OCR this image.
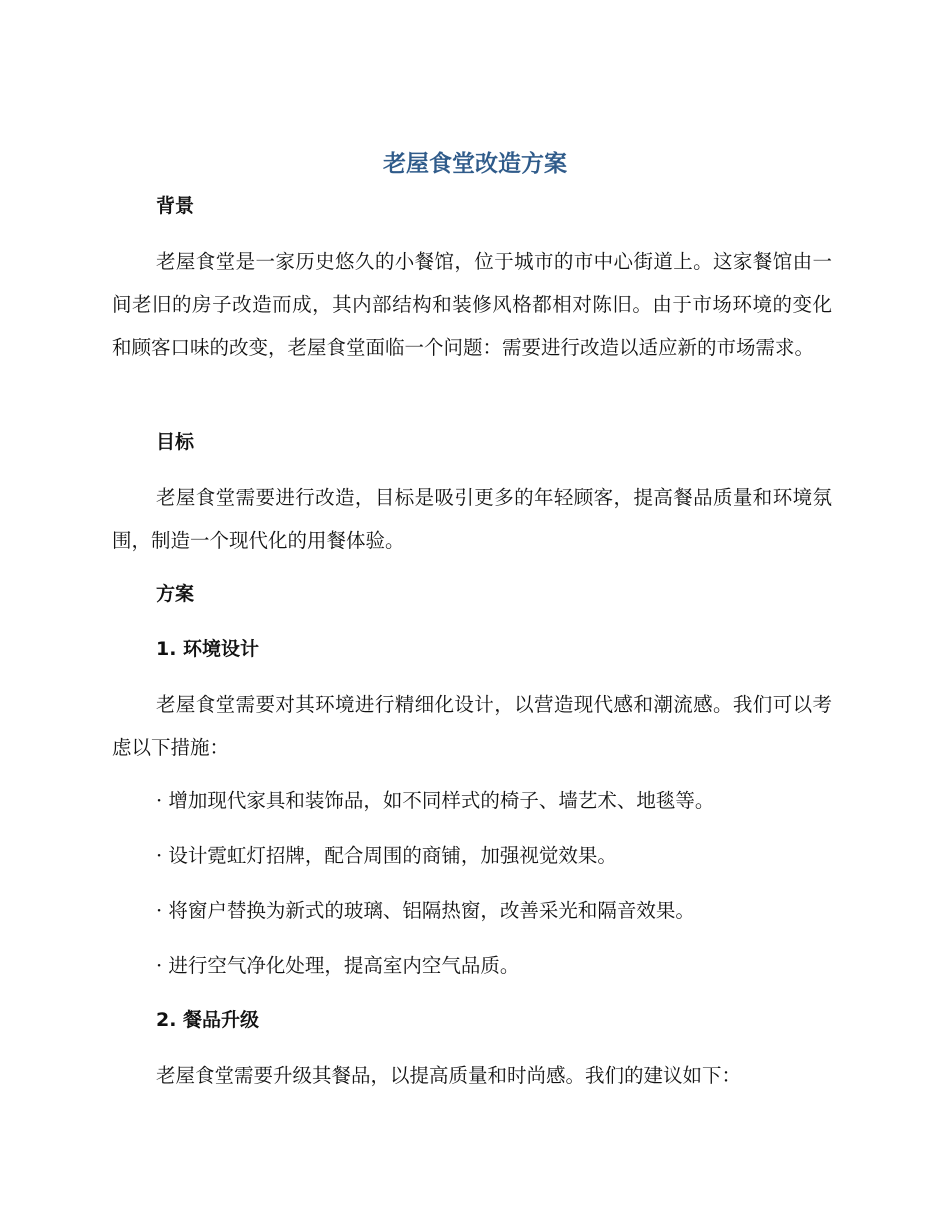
老屋食堂改造方案
背景

老屋食堂是一家历史悠久的小餐馆，位于城市的市中心街道上。这家餐馆由一间老旧的房子改造而成，其内部结构和装修风格都相对陈旧。由于市场环境的变化和顾客口味的改变，老屋食堂面临一个问题：需要进行改造以适应新的市场需求。

目标

老屋食堂需要进行改造，目标是吸引更多的年轻顾客，提高餐品质量和环境氛围，制造一个现代化的用餐体验。

方案
1. 环境设计

老屋食堂需要对其环境进行精细化设计，以营造现代感和潮流感。我们可以考虑以下措施：

· 增加现代家具和装饰品，如不同样式的椅子、墙艺术、地毯等。

· 设计霓虹灯招牌，配合周围的商铺，加强视觉效果。

· 将窗户替换为新式的玻璃、铝隔热窗，改善采光和隔音效果。

· 进行空气净化处理，提高室内空气品质。

2. 餐品升级

老屋食堂需要升级其餐品，以提高质量和时尚感。我们的建议如下：
